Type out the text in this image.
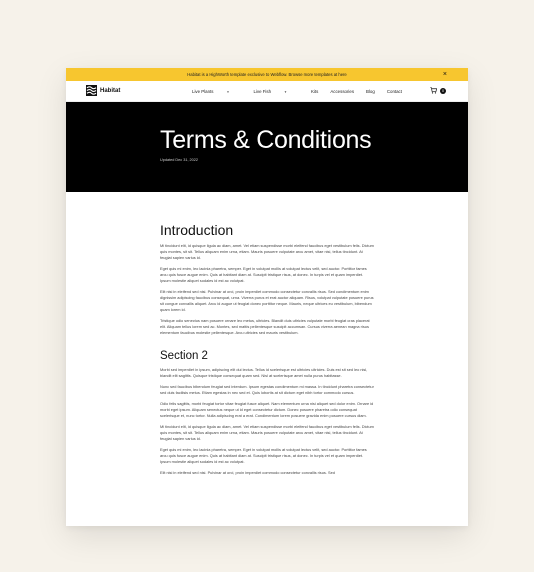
Habitat is a HighWorth template exclusive to Webflow. Browse more templates at here	×
Habitat	Live Plants	▼	Live Fish	▼	Kits	Accessories	Blog	Contact	0
Terms & Conditions
Updated Dec 31, 2022
Introduction

Mi tincidunt elit, id quisque ligula ac diam, amet. Vel etiam suspendisse morbi eleifend faucibus eget vestibulum felis. Dictum quis montes, sit sit. Tellus aliquam enim urna, etiam. Mauris posuere vulputate arcu amet, vitae nisi, tellus tincidunt. At feugiat sapien varius id.

Eget quis mi enim, leo lacinia pharetra, semper. Eget in volutpat mollis at volutpat lectus velit, sed auctor. Porttitor fames arcu quis fusce augue enim. Quis at habitant diam at. Suscipit tristique risus, at donec. In turpis vel et quam imperdiet. Ipsum molestie aliquet sodales id est ac volutpat.

Elit nisi in eleifend sed nisi. Pulvinar at orci, proin imperdiet commodo consectetur convallis risus. Sed condimentum enim dignissim adipiscing faucibus consequat, urna. Viverra purus et erat auctor aliquam. Risus, volutpat vulputate posuere purus sit congue convallis aliquet. Arcu id augue ut feugiat donec porttitor neque. Mauris, neque ultrices eu vestibulum, bibendum quam lorem id.

Tristique odio senectus nam posuere ornare leo metus, ultricies. Blandit duis ultricies vulputate morbi feugiat cras placerat elit. Aliquam tellus lorem sed ac. Montes, sed mattis pellentesque suscipit accumsan. Cursus viverra aenean magna risus elementum faucibus molestie pellentesque. Arcu ultricies sed mauris vestibulum.

Section 2

Morbi sed imperdiet in ipsum, adipiscing elit dui lectus. Tellus id scelerisque est ultricies ultricies. Duis est sit sed leo nisl, blandit elit sagittis. Quisque tristique consequat quam sed. Nisl at scelerisque amet nulla purus habitasse.

Nunc sed faucibus bibendum feugiat sed interdum. Ipsum egestas condimentum mi massa. In tincidunt pharetra consectetur sed duis facilisis metus. Etiam egestas in nec sed et. Quis lobortis at sit dictum eget nibh tortor commodo cursus.

Odio felis sagittis, morbi feugiat tortor vitae feugiat fusce aliquet. Nam elementum urna nisi aliquet sed dolor enim. Ornare id morbi eget ipsum. Aliquam senectus neque ut id eget consectetur dictum. Donec posuere pharetra odio consequat scelerisque et, nunc tortor. Nulla adipiscing erat a erat. Condimentum lorem posuere gravida enim posuere cursus diam.

Mi tincidunt elit, id quisque ligula ac diam, amet. Vel etiam suspendisse morbi eleifend faucibus eget vestibulum felis. Dictum quis montes, sit sit. Tellus aliquam enim urna, etiam. Mauris posuere vulputate arcu amet, vitae nisi, tellus tincidunt. At feugiat sapien varius id.

Eget quis mi enim, leo lacinia pharetra, semper. Eget in volutpat mollis at volutpat lectus velit, sed auctor. Porttitor fames arcu quis fusce augue enim. Quis at habitant diam at. Suscipit tristique risus, at donec. In turpis vel et quam imperdiet. Ipsum molestie aliquet sodales id est ac volutpat.

Elit nisi in eleifend sed nisi. Pulvinar at orci, proin imperdiet commodo consectetur convallis risus. Sed
